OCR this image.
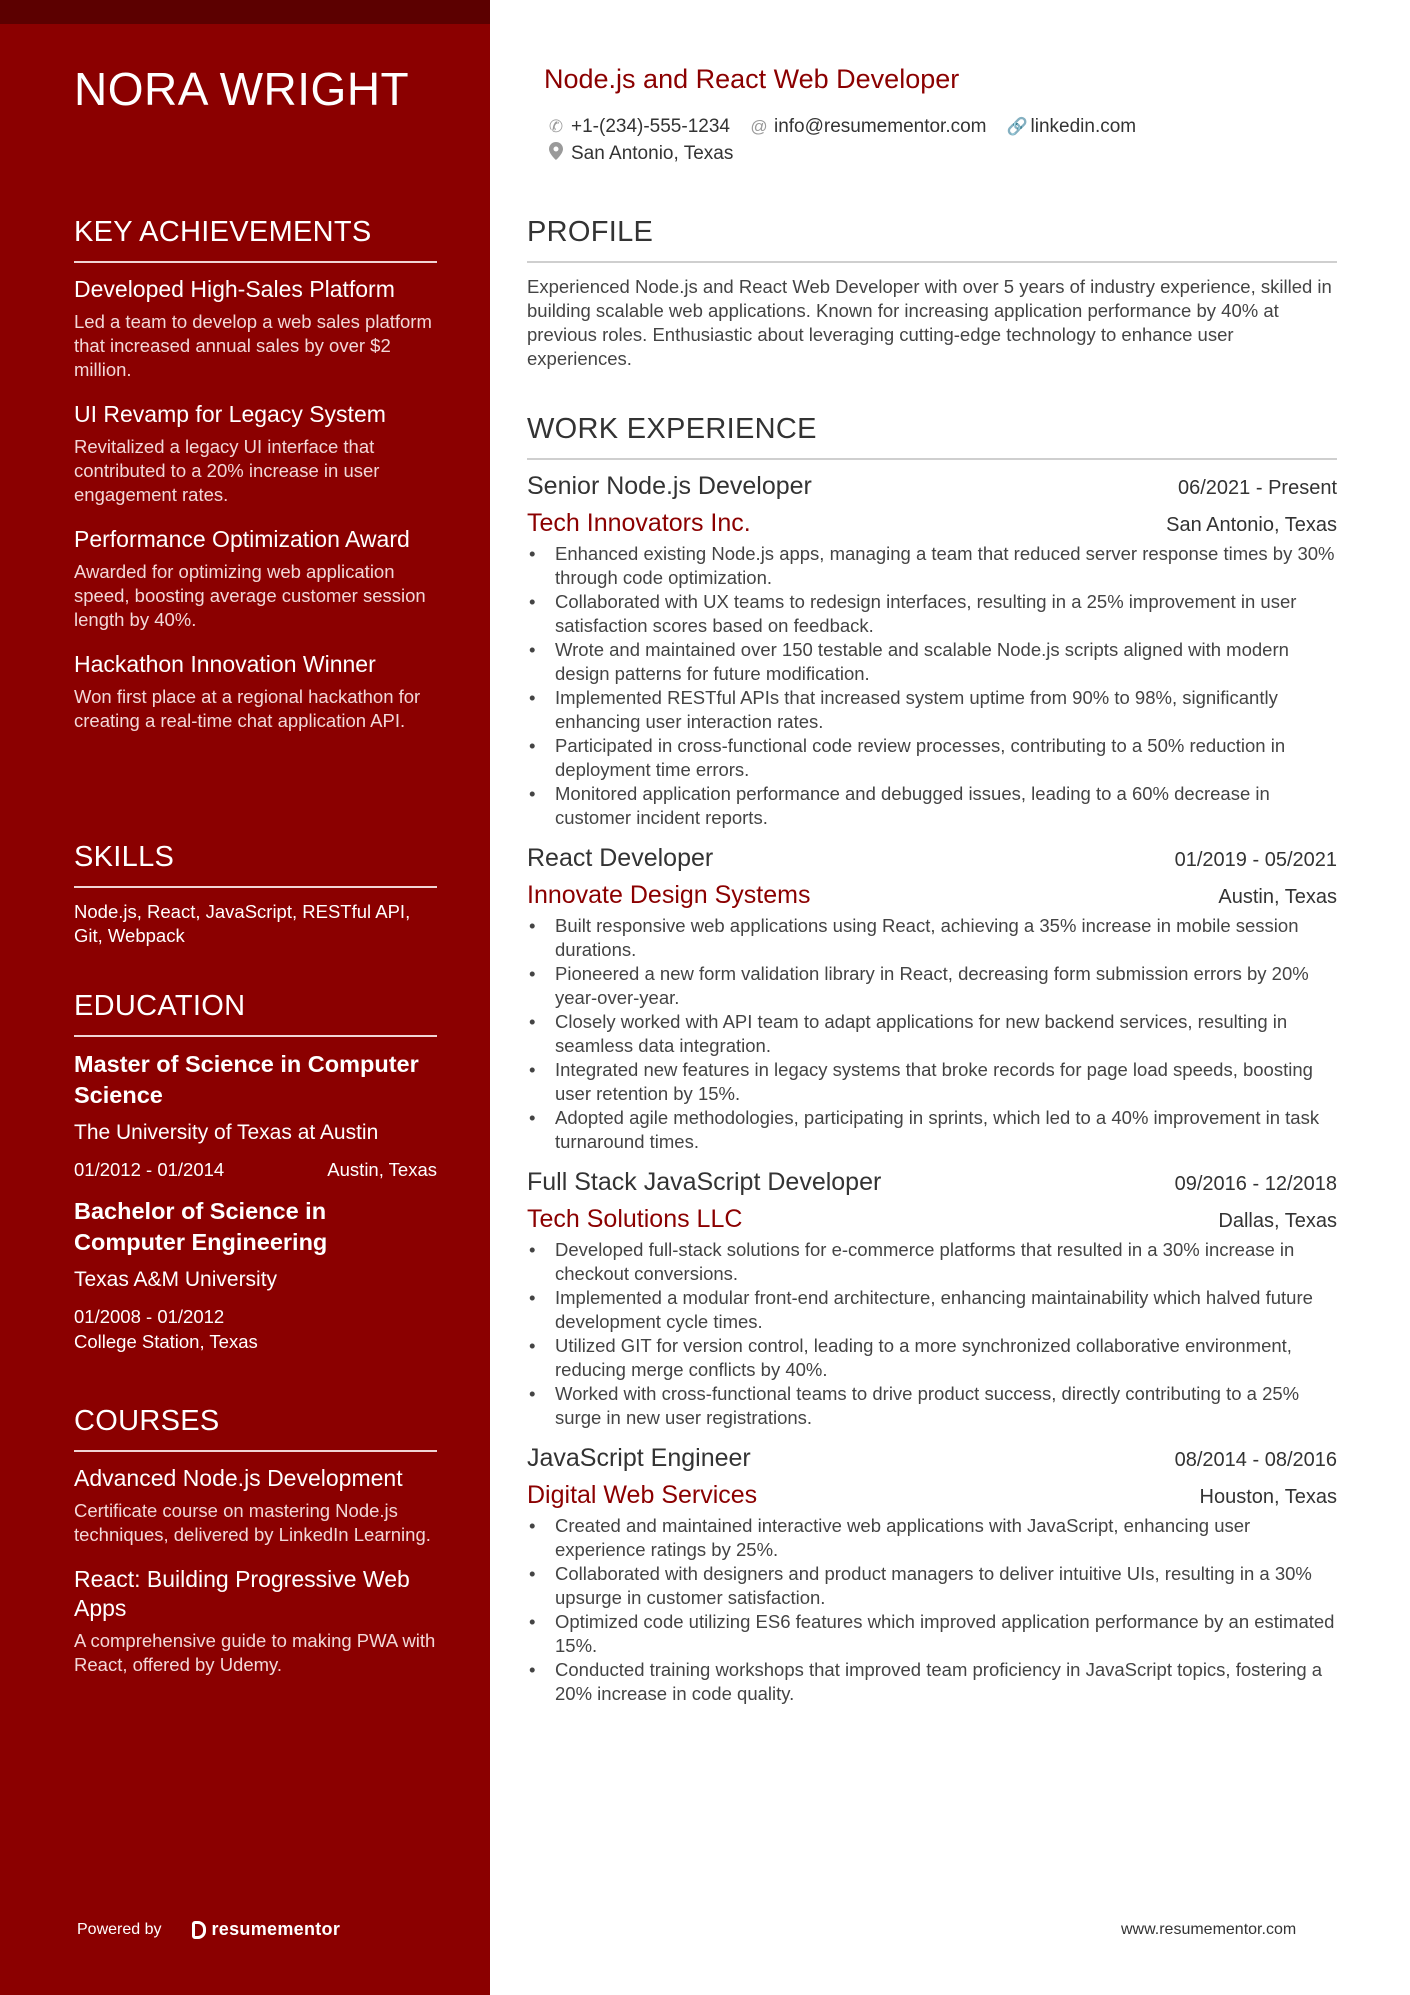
NORA WRIGHT
KEY ACHIEVEMENTS
Developed High-Sales Platform
Led a team to develop a web sales platform that increased annual sales by over $2 million.
UI Revamp for Legacy System
Revitalized a legacy UI interface that contributed to a 20% increase in user engagement rates.
Performance Optimization Award
Awarded for optimizing web application speed, boosting average customer session length by 40%.
Hackathon Innovation Winner
Won first place at a regional hackathon for creating a real-time chat application API.
SKILLS
Node.js, React, JavaScript, RESTful API, Git, Webpack
EDUCATION
Master of Science in Computer Science
The University of Texas at Austin
01/2012 - 01/2014	Austin, Texas
Bachelor of Science in Computer Engineering
Texas A&M University
01/2008 - 01/2012
College Station, Texas
COURSES
Advanced Node.js Development
Certificate course on mastering Node.js techniques, delivered by LinkedIn Learning.
React: Building Progressive Web Apps
A comprehensive guide to making PWA with React, offered by Udemy.
Powered by	resumementor
Node.js and React Web Developer
✆ +1-(234)-555-1234 @ info@resumementor.com 🔗 linkedin.com
San Antonio, Texas
PROFILE
Experienced Node.js and React Web Developer with over 5 years of industry experience, skilled in building scalable web applications. Known for increasing application performance by 40% at previous roles. Enthusiastic about leveraging cutting-edge technology to enhance user experiences.
WORK EXPERIENCE
Senior Node.js Developer	06/2021 - Present
Tech Innovators Inc.	San Antonio, Texas
• Enhanced existing Node.js apps, managing a team that reduced server response times by 30% through code optimization.
• Collaborated with UX teams to redesign interfaces, resulting in a 25% improvement in user satisfaction scores based on feedback.
• Wrote and maintained over 150 testable and scalable Node.js scripts aligned with modern design patterns for future modification.
• Implemented RESTful APIs that increased system uptime from 90% to 98%, significantly enhancing user interaction rates.
• Participated in cross-functional code review processes, contributing to a 50% reduction in deployment time errors.
• Monitored application performance and debugged issues, leading to a 60% decrease in customer incident reports.
React Developer	01/2019 - 05/2021
Innovate Design Systems	Austin, Texas
• Built responsive web applications using React, achieving a 35% increase in mobile session durations.
• Pioneered a new form validation library in React, decreasing form submission errors by 20% year-over-year.
• Closely worked with API team to adapt applications for new backend services, resulting in seamless data integration.
• Integrated new features in legacy systems that broke records for page load speeds, boosting user retention by 15%.
• Adopted agile methodologies, participating in sprints, which led to a 40% improvement in task turnaround times.
Full Stack JavaScript Developer	09/2016 - 12/2018
Tech Solutions LLC	Dallas, Texas
• Developed full-stack solutions for e-commerce platforms that resulted in a 30% increase in checkout conversions.
• Implemented a modular front-end architecture, enhancing maintainability which halved future development cycle times.
• Utilized GIT for version control, leading to a more synchronized collaborative environment, reducing merge conflicts by 40%.
• Worked with cross-functional teams to drive product success, directly contributing to a 25% surge in new user registrations.
JavaScript Engineer	08/2014 - 08/2016
Digital Web Services	Houston, Texas
• Created and maintained interactive web applications with JavaScript, enhancing user experience ratings by 25%.
• Collaborated with designers and product managers to deliver intuitive UIs, resulting in a 30% upsurge in customer satisfaction.
• Optimized code utilizing ES6 features which improved application performance by an estimated 15%.
• Conducted training workshops that improved team proficiency in JavaScript topics, fostering a 20% increase in code quality.
www.resumementor.com
